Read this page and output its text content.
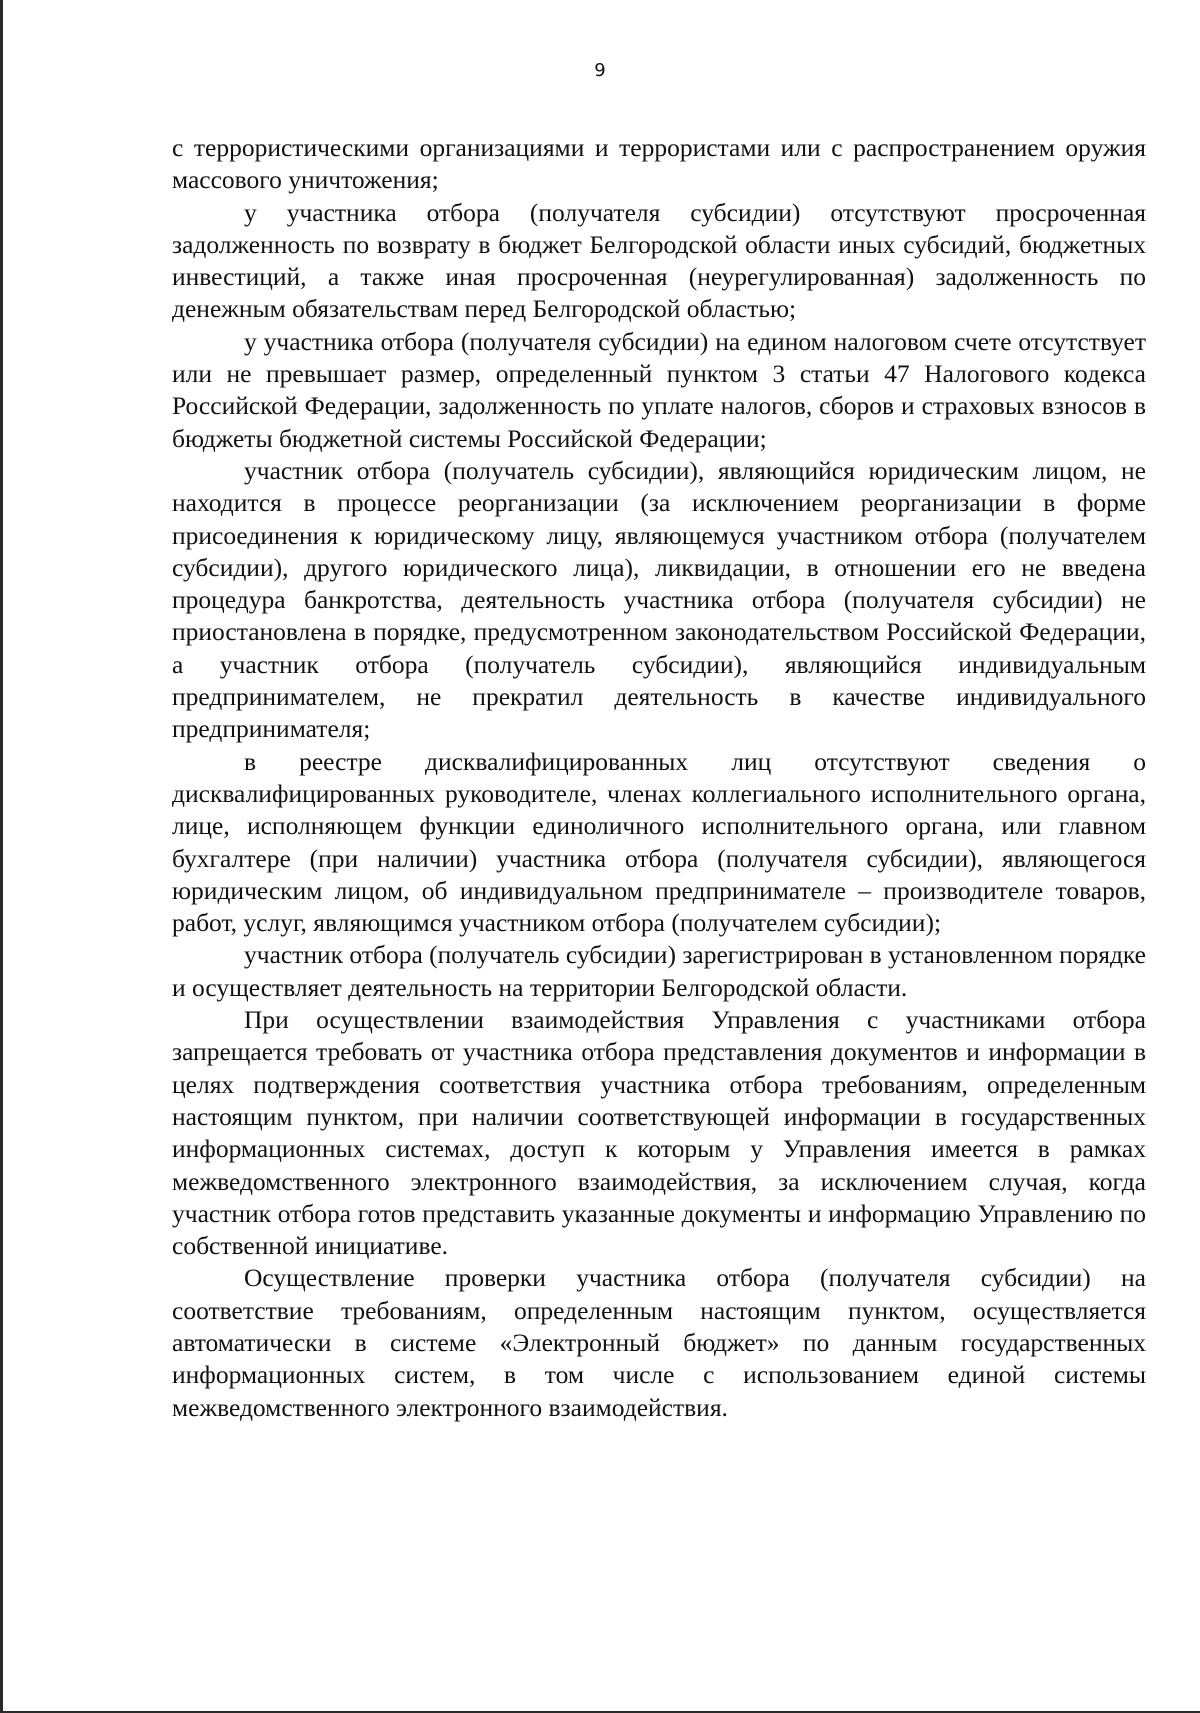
9

с террористическими организациями и террористами или с распространением оружия массового уничтожения;

у участника отбора (получателя субсидии) отсутствуют просроченная задолженность по возврату в бюджет Белгородской области иных субсидий, бюджетных инвестиций, а также иная просроченная (неурегулированная) задолженность по денежным обязательствам перед Белгородской областью;

у участника отбора (получателя субсидии) на едином налоговом счете отсутствует или не превышает размер, определенный пунктом 3 статьи 47 Налогового кодекса Российской Федерации, задолженность по уплате налогов, сборов и страховых взносов в бюджеты бюджетной системы Российской Федерации;

участник отбора (получатель субсидии), являющийся юридическим лицом, не находится в процессе реорганизации (за исключением реорганизации в форме присоединения к юридическому лицу, являющемуся участником отбора (получателем субсидии), другого юридического лица), ликвидации, в отношении его не введена процедура банкротства, деятельность участника отбора (получателя субсидии) не приостановлена в порядке, предусмотренном законодательством Российской Федерации, а участник отбора (получатель субсидии), являющийся индивидуальным предпринимателем, не прекратил деятельность в качестве индивидуального предпринимателя;

в реестре дисквалифицированных лиц отсутствуют сведения о дисквалифицированных руководителе, членах коллегиального исполнительного органа, лице, исполняющем функции единоличного исполнительного органа, или главном бухгалтере (при наличии) участника отбора (получателя субсидии), являющегося юридическим лицом, об индивидуальном предпринимателе – производителе товаров, работ, услуг, являющимся участником отбора (получателем субсидии);

участник отбора (получатель субсидии) зарегистрирован в установленном порядке и осуществляет деятельность на территории Белгородской области.

При осуществлении взаимодействия Управления с участниками отбора запрещается требовать от участника отбора представления документов и информации в целях подтверждения соответствия участника отбора требованиям, определенным настоящим пунктом, при наличии соответствующей информации в государственных информационных системах, доступ к которым у Управления имеется в рамках межведомственного электронного взаимодействия, за исключением случая, когда участник отбора готов представить указанные документы и информацию Управлению по собственной инициативе.

Осуществление проверки участника отбора (получателя субсидии) на соответствие требованиям, определенным настоящим пунктом, осуществляется автоматически в системе «Электронный бюджет» по данным государственных информационных систем, в том числе с использованием единой системы межведомственного электронного взаимодействия.
